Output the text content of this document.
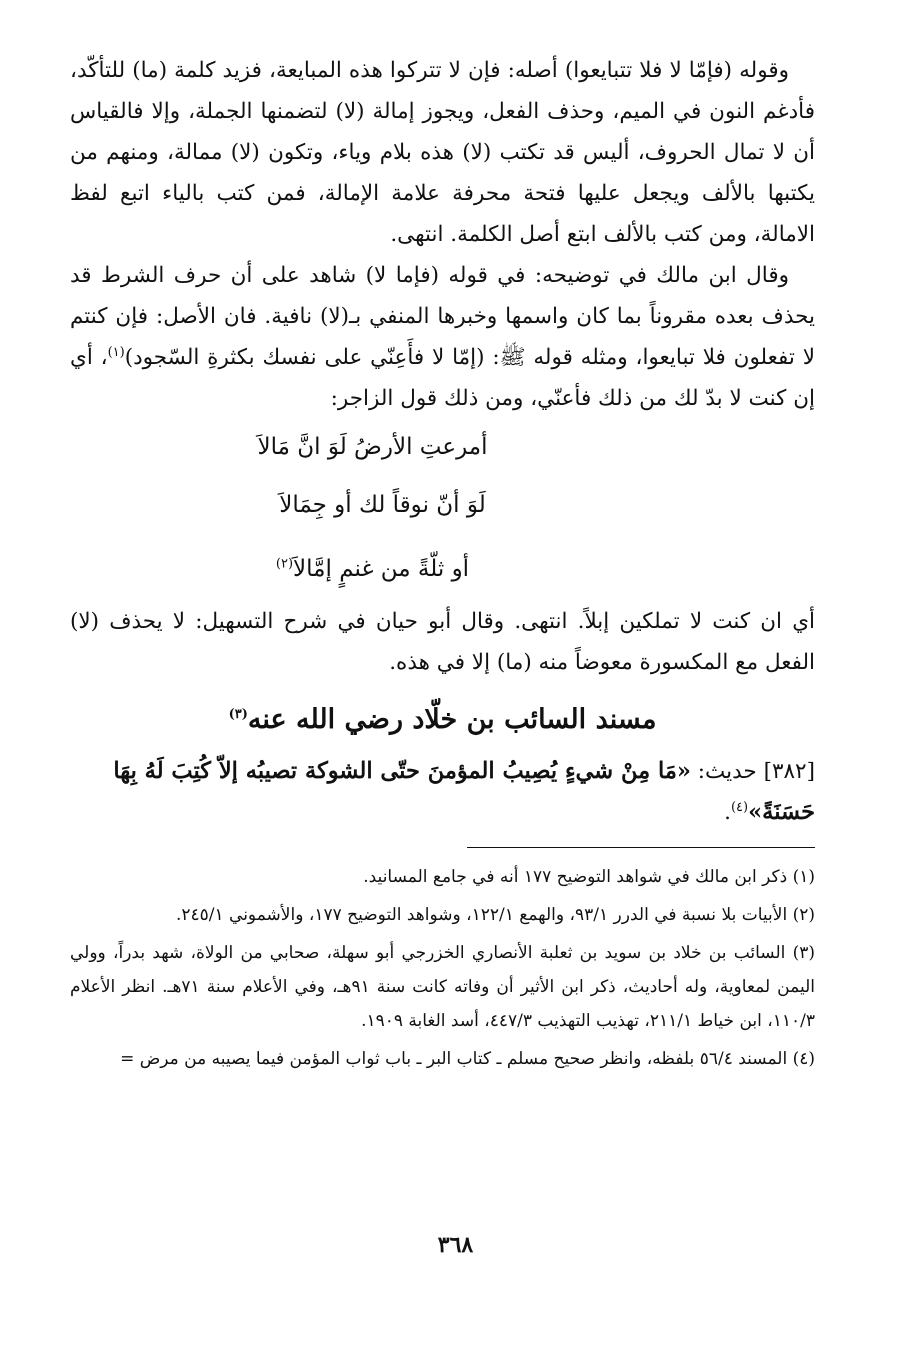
وقوله (فإمّا لا فلا تتبايعوا) أصله: فإن لا تتركوا هذه المبايعة، فزيد كلمة (ما) للتأكّد، فأدغم النون في الميم، وحذف الفعل، ويجوز إمالة (لا) لتضمنها الجملة، وإلا فالقياس أن لا تمال الحروف، أليس قد تكتب (لا) هذه بلام وياء، وتكون (لا) ممالة، ومنهم من يكتبها بالألف ويجعل عليها فتحة محرفة علامة الإمالة، فمن كتب بالياء اتبع لفظ الامالة، ومن كتب بالألف ابتع أصل الكلمة. انتهى.

وقال ابن مالك في توضيحه: في قوله (فإما لا) شاهد على أن حرف الشرط قد يحذف بعده مقروناً بما كان واسمها وخبرها المنفي بـ(لا) نافية. فان الأصل: فإن كنتم لا تفعلون فلا تبايعوا، ومثله قوله ﷺ: (إمّا لا فأَعِنّي على نفسك بكثرةِ السّجود)$^{(١)}$، أي إن كنت لا بدّ لك من ذلك فأعنّي، ومن ذلك قول الزاجر:

أمرعتِ الأرضُ لَوَ انَّ مَالاَ

لَوَ أنّ نوقاً لك أو جِمَالاَ

أو ثلّةً من غنمٍ إمَّالاَ$^{(٢)}$

أي ان كنت لا تملكين إبلاً. انتهى. وقال أبو حيان في شرح التسهيل: لا يحذف (لا) الفعل مع المكسورة معوضاً منه (ما) إلا في هذه.

مسند السائب بن خلّاد رضي الله عنه$^{(٣)}$

[٣٨٢] حديث: «مَا مِنْ شيءٍ يُصِيبُ المؤمنَ حتّى الشوكة تصيبُه إلاّ كُتِبَ لَهُ بِهَا حَسَنَةً»$^{(٤)}$.

(١) ذكر ابن مالك في شواهد التوضيح ١٧٧ أنه في جامع المسانيد.

(٢) الأبيات بلا نسبة في الدرر ٩٣/١، والهمع ١٢٢/١، وشواهد التوضيح ١٧٧، والأشموني ٢٤٥/١.

(٣) السائب بن خلاد بن سويد بن ثعلبة الأنصاري الخزرجي أبو سهلة، صحابي من الولاة، شهد بدراً، وولي اليمن لمعاوية، وله أحاديث، ذكر ابن الأثير أن وفاته كانت سنة ٩١هـ، وفي الأعلام سنة ٧١هـ. انظر الأعلام ١١٠/٣، ابن خياط ٢١١/١، تهذيب التهذيب ٤٤٧/٣، أسد الغابة ١٩٠٩.

(٤) المسند ٥٦/٤ بلفظه، وانظر صحيح مسلم ـ كتاب البر ـ باب ثواب المؤمن فيما يصيبه من مرض =

٣٦٨
